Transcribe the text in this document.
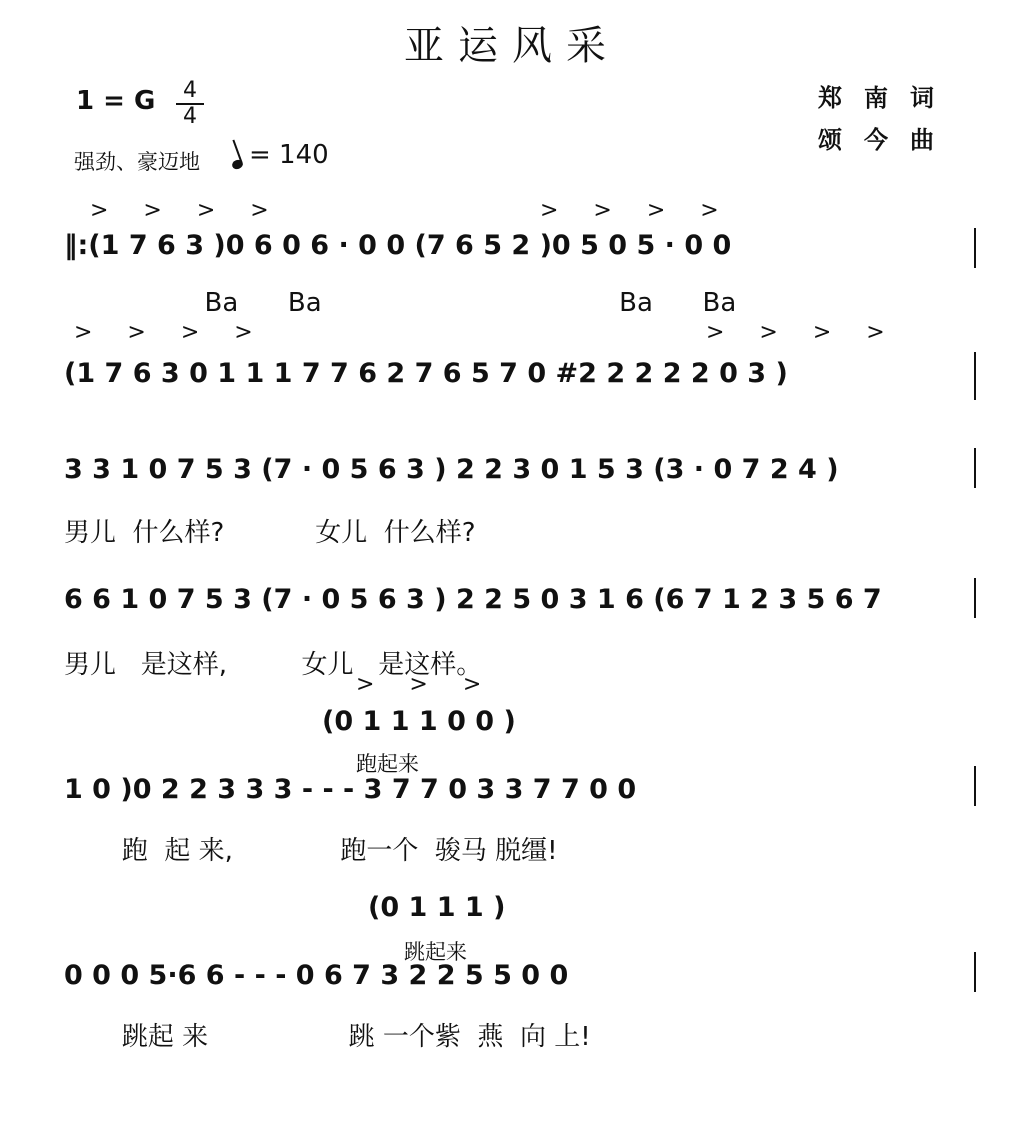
亚运风采
1 = G	4
4
强劲、豪迈地	= 140
郑南词
颂今曲
> > > >	> > > >
‖:(1 7 6 3 )0 6 0 6 · 0 0 (7 6 5 2 )0 5 0 5 · 0 0
Ba      Ba                                    Ba      Ba
> > > >	> > > >
(1 7 6 3 0 1 1 1 7 7 6 2 7 6 5 7 0 #2 2 2 2 2 0 3 )
3 3 1 0 7 5 3 (7 · 0 5 6 3 ) 2 2 3 0 1 5 3 (3 · 0 7 2 4 )
男儿  什么样?           女儿  什么样?
6 6 1 0 7 5 3 (7 · 0 5 6 3 ) 2 2 5 0 3 1 6 (6 7 1 2 3 5 6 7
男儿   是这样,         女儿   是这样。
> > >
(0 1 1 1 0 0 )
跑起来
1 0 )0 2 2 3 3 3 - - - 3 7 7 0 3 3 7 7 0 0
跑  起 来,             跑一个  骏马 脱缰!
(0 1 1 1 )
跳起来
0 0 0 5·6 6 - - - 0 6 7 3 2 2 5 5 0 0
跳起 来                 跳 一个紫  燕  向 上!
